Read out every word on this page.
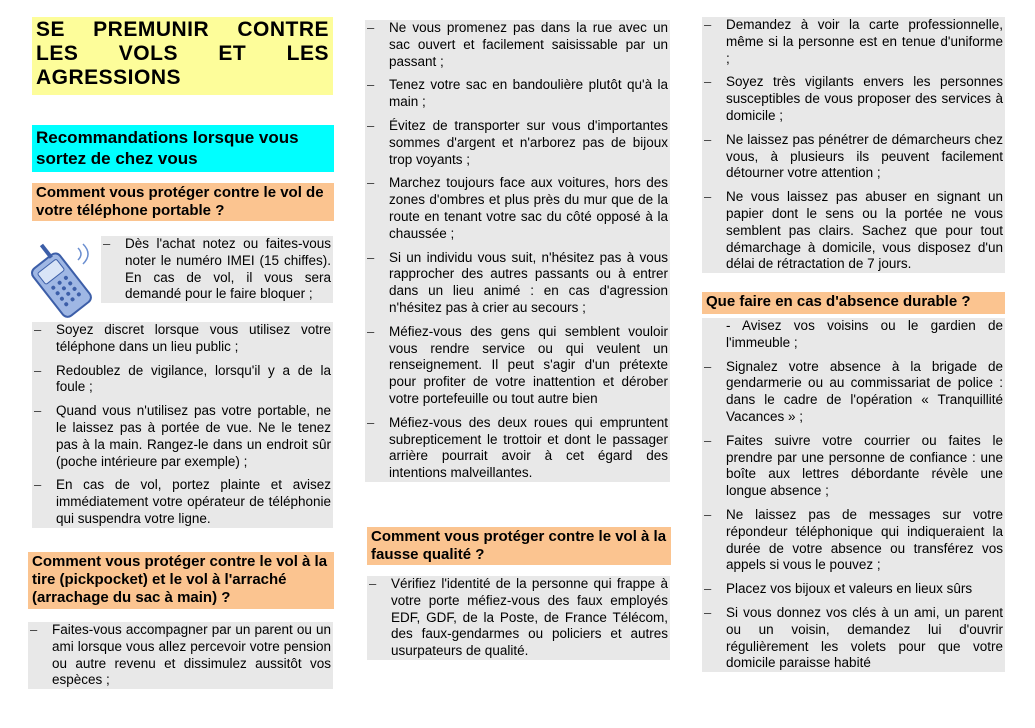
SE PREMUNIR CONTRE LES VOLS ET LES AGRESSIONS
Recommandations lorsque vous sortez de chez vous
Comment vous protéger contre le vol de votre téléphone portable ?
– Dès l'achat notez ou faites-vous noter le numéro IMEI (15 chiffes). En cas de vol, il vous sera demandé pour le faire bloquer ;
– Soyez discret lorsque vous utilisez votre téléphone dans un lieu public ;
– Redoublez de vigilance, lorsqu'il y a de la foule ;
– Quand vous n'utilisez pas votre portable, ne le laissez pas à portée de vue. Ne le tenez pas à la main. Rangez-le dans un endroit sûr (poche intérieure par exemple) ;
– En cas de vol, portez plainte et avisez immédiatement votre opérateur de téléphonie qui suspendra votre ligne.
Comment vous protéger contre le vol à la tire (pickpocket) et le vol à l'arraché (arrachage du sac à main) ?
– Faites-vous accompagner par un parent ou un ami lorsque vous allez percevoir votre pension ou autre revenu et dissimulez aussitôt vos espèces ;
– Ne vous promenez pas dans la rue avec un sac ouvert et facilement saisissable par un passant ;
– Tenez votre sac en bandoulière plutôt qu'à la main ;
– Évitez de transporter sur vous d'importantes sommes d'argent et n'arborez pas de bijoux trop voyants ;
– Marchez toujours face aux voitures, hors des zones d'ombres et plus près du mur que de la route en tenant votre sac du côté opposé à la chaussée ;
– Si un individu vous suit, n'hésitez pas à vous rapprocher des autres passants ou à entrer dans un lieu animé : en cas d'agression n'hésitez pas à crier au secours ;
– Méfiez-vous des gens qui semblent vouloir vous rendre service ou qui veulent un renseignement. Il peut s'agir d'un prétexte pour profiter de votre inattention et dérober votre portefeuille ou tout autre bien
– Méfiez-vous des deux roues qui empruntent subrepticement le trottoir et dont le passager arrière pourrait avoir à cet égard des intentions malveillantes.
Comment vous protéger contre le vol à la fausse qualité ?
– Vérifiez l'identité de la personne qui frappe à votre porte méfiez-vous des faux employés EDF, GDF, de la Poste, de France Télécom, des faux-gendarmes ou policiers et autres usurpateurs de qualité.
– Demandez à voir la carte professionnelle, même si la personne est en tenue d'uniforme ;
– Soyez très vigilants envers les personnes susceptibles de vous proposer des services à domicile ;
– Ne laissez pas pénétrer de démarcheurs chez vous, à plusieurs ils peuvent facilement détourner votre attention ;
– Ne vous laissez pas abuser en signant un papier dont le sens ou la portée ne vous semblent pas clairs. Sachez que pour tout démarchage à domicile, vous disposez d'un délai de rétractation de 7 jours.
Que faire en cas d'absence durable ?
- Avisez vos voisins ou le gardien de l'immeuble ;
– Signalez votre absence à la brigade de gendarmerie ou au commissariat de police : dans le cadre de l'opération « Tranquillité Vacances » ;
– Faites suivre votre courrier ou faites le prendre par une personne de confiance : une boîte aux lettres débordante révèle une longue absence ;
– Ne laissez pas de messages sur votre répondeur téléphonique qui indiqueraient la durée de votre absence ou transférez vos appels si vous le pouvez ;
– Placez vos bijoux et valeurs en lieux sûrs
– Si vous donnez vos clés à un ami, un parent ou un voisin, demandez lui d'ouvrir régulièrement les volets pour que votre domicile paraisse habité
